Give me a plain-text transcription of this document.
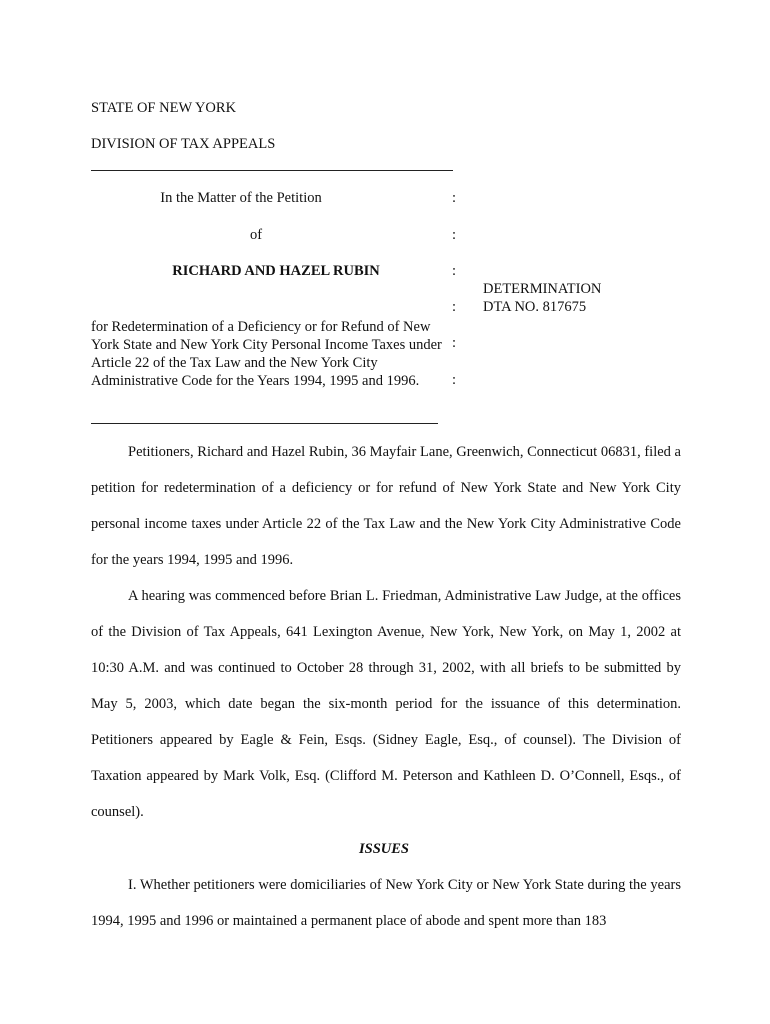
STATE OF NEW YORK
DIVISION OF TAX APPEALS
In the Matter of the Petition
of
RICHARD AND HAZEL RUBIN
:
:
:
:
:
:
DETERMINATION
DTA NO. 817675
for Redetermination of a Deficiency or for Refund of New York State and New York City Personal Income Taxes under Article 22 of the Tax Law and the New York City Administrative Code for the Years 1994, 1995 and 1996.
Petitioners, Richard and Hazel Rubin, 36 Mayfair Lane, Greenwich, Connecticut 06831, filed a petition for redetermination of a deficiency or for refund of New York State and New York City personal income taxes under Article 22 of the Tax Law and the New York City Administrative Code for the years 1994, 1995 and 1996.
A hearing was commenced before Brian L. Friedman, Administrative Law Judge, at the offices of the Division of Tax Appeals, 641 Lexington Avenue, New York, New York, on May 1, 2002 at 10:30 A.M. and was continued to October 28 through 31, 2002, with all briefs to be submitted by May 5, 2003, which date began the six-month period for the issuance of this determination. Petitioners appeared by Eagle & Fein, Esqs. (Sidney Eagle, Esq., of counsel). The Division of Taxation appeared by Mark Volk, Esq. (Clifford M. Peterson and Kathleen D. O’Connell, Esqs., of counsel).
ISSUES
I. Whether petitioners were domiciliaries of New York City or New York State during the years 1994, 1995 and 1996 or maintained a permanent place of abode and spent more than 183
